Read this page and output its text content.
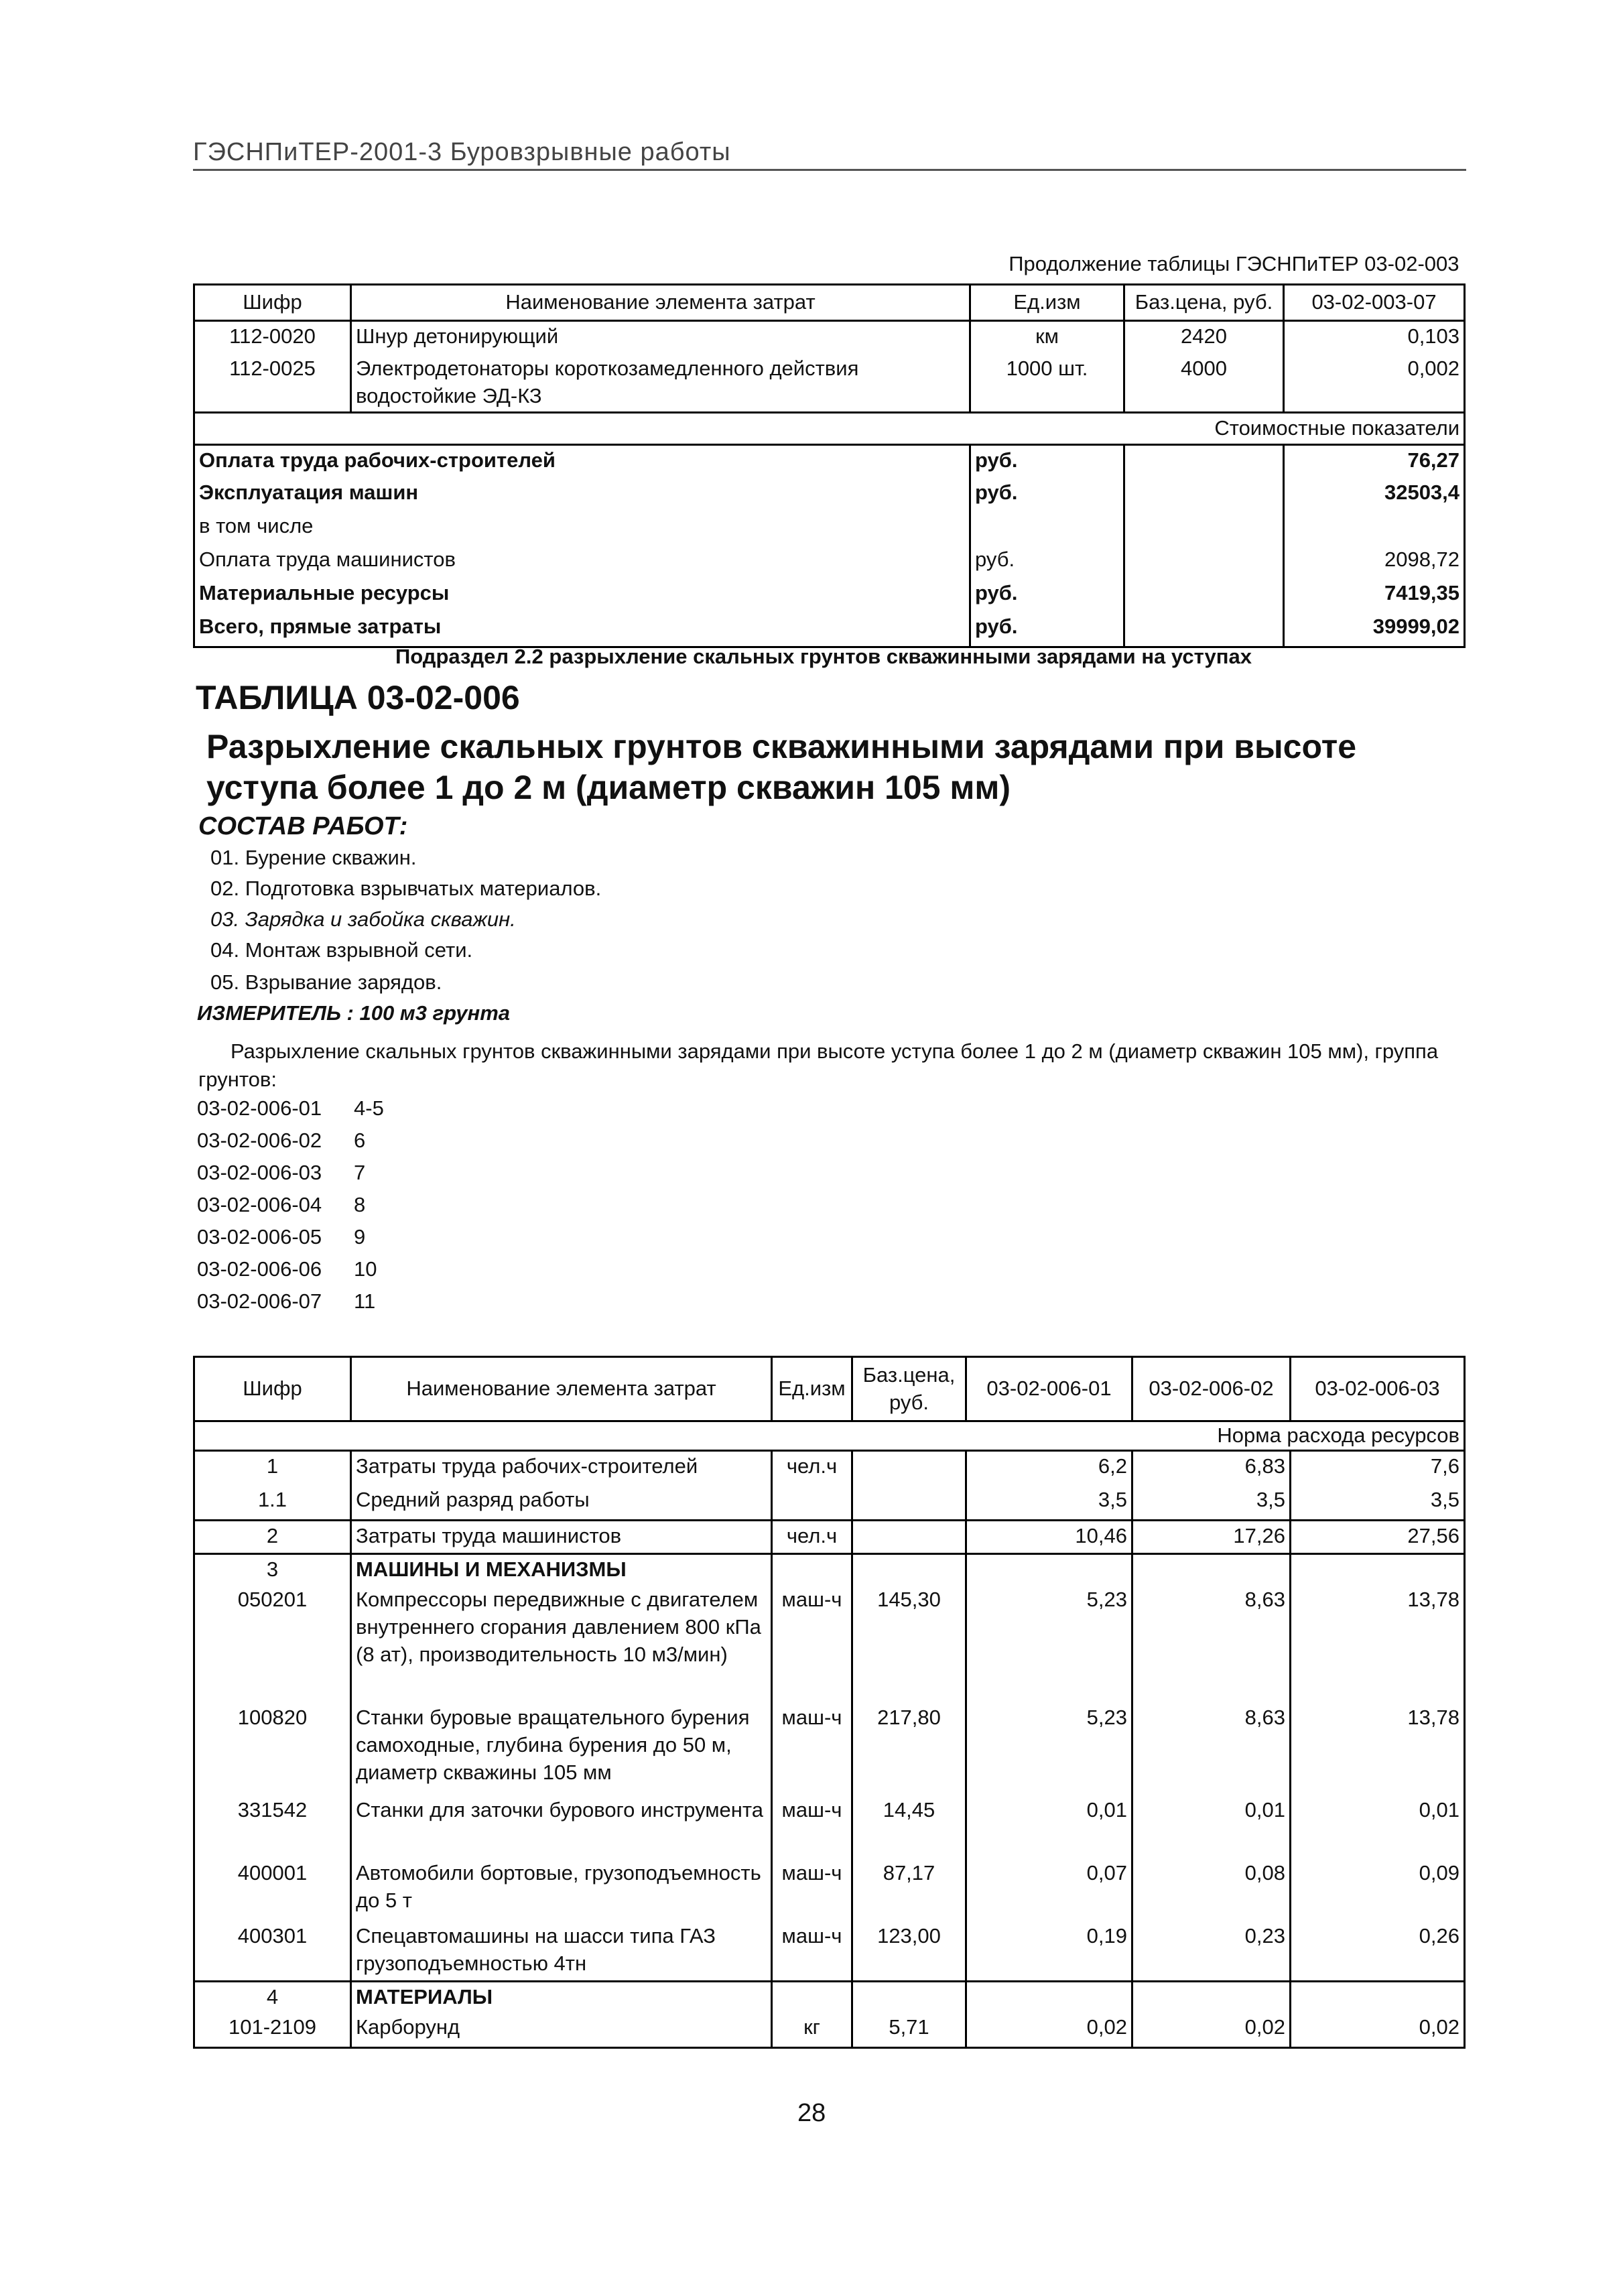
ГЭСНПиТЕР-2001-3 Буровзрывные работы
Продолжение таблицы ГЭСНПиТЕР 03-02-003				
Шифр	Наименование элемента затрат	Ед.изм	Баз.цена, руб.	03-02-003-07
112-0020	Шнур детонирующий	км	2420	0,103
112-0025	Электродетонаторы короткозамедленного действия водостойкие ЭД-КЗ	1000 шт.	4000	0,002
Стоимостные показатели				
Оплата труда рабочих-строителей		руб.		76,27
Эксплуатация машин		руб.		32503,4
в том числе				
Оплата труда машинистов		руб.		2098,72
Материальные ресурсы		руб.		7419,35
Всего, прямые затраты		руб.		39999,02
Подраздел 2.2 разрыхление скальных грунтов скважинными зарядами на уступах
ТАБЛИЦА 03-02-006
Разрыхление скальных грунтов скважинными зарядами при высоте уступа более 1 до 2 м (диаметр скважин 105 мм)
СОСТАВ РАБОТ:
01. Бурение скважин.
02. Подготовка взрывчатых материалов.
03. Зарядка и забойка скважин.
04. Монтаж взрывной сети.
05. Взрывание зарядов.
ИЗМЕРИТЕЛЬ : 100 м3 грунта
Разрыхление скальных грунтов скважинными зарядами при высоте уступа более 1 до 2 м (диаметр скважин 105 мм), группа грунтов:
03-02-006-01 4-5
03-02-006-02 6
03-02-006-03 7
03-02-006-04 8
03-02-006-05 9
03-02-006-06 10
03-02-006-07 11
Шифр	Наименование элемента затрат	Ед.изм	Баз.цена, руб.	03-02-006-01	03-02-006-02	03-02-006-03
Норма расхода ресурсов						
1	Затраты труда рабочих-строителей	чел.ч		6,2	6,83	7,6
1.1	Средний разряд работы			3,5	3,5	3,5
2	Затраты труда машинистов	чел.ч		10,46	17,26	27,56
3	МАШИНЫ И МЕХАНИЗМЫ					
050201	Компрессоры передвижные с двигателем внутреннего сгорания давлением 800 кПа (8 ат), производительность 10 м3/мин)	маш-ч	145,30	5,23	8,63	13,78
100820	Станки буровые вращательного бурения самоходные, глубина бурения до 50 м, диаметр скважины 105 мм	маш-ч	217,80	5,23	8,63	13,78
331542	Станки для заточки бурового инструмента	маш-ч	14,45	0,01	0,01	0,01
400001	Автомобили бортовые, грузоподъемность до 5 т	маш-ч	87,17	0,07	0,08	0,09
400301	Спецавтомашины на шасси типа ГАЗ грузоподъемностью 4тн	маш-ч	123,00	0,19	0,23	0,26
4	МАТЕРИАЛЫ					
101-2109	Карборунд	кг	5,71	0,02	0,02	0,02
28
